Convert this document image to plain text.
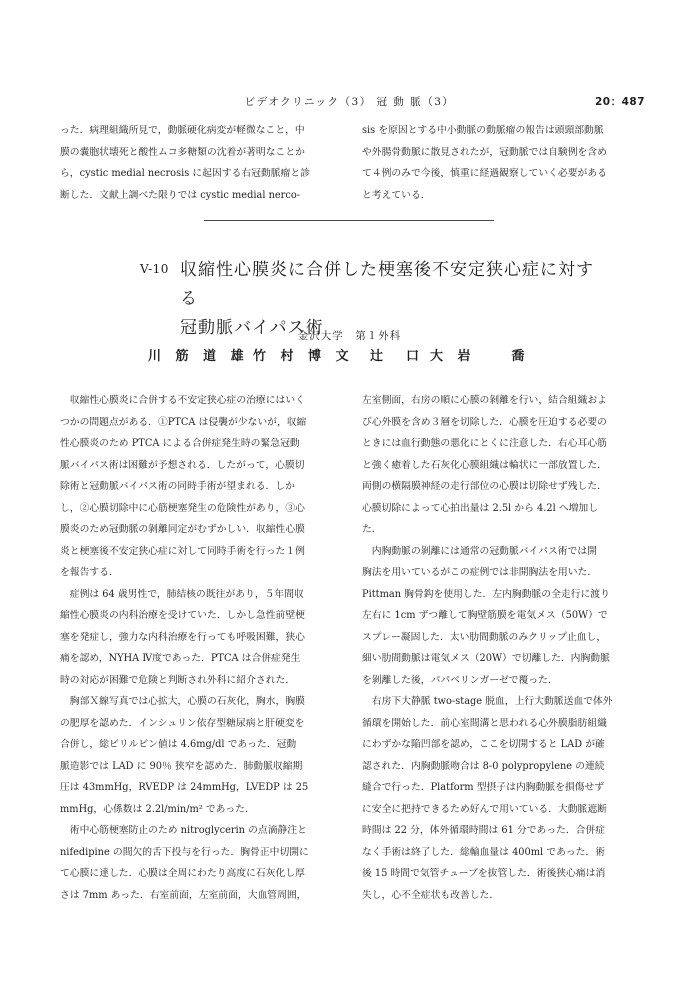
ビデオクリニック（3） 冠 動 脈（3）	20：487

った．病理組織所見で，動脈硬化病変が軽微なこと，中
膜の嚢胞状壊死と酸性ムコ多糖類の沈着が著明なことか
ら，cystic medial necrosis に起因する右冠動脈瘤と診
断した．文献上調べた限りでは cystic medial nerco-

sis を原因とする中小動脈の動脈瘤の報告は頭頸部動脈
や外腸骨動脈に散見されたが，冠動脈では自験例を含め
て４例のみで今後，慎重に経過観察していく必要がある
と考えている．

V-10 収縮性心膜炎に合併した梗塞後不安定狭心症に対する
冠動脈バイパス術
金沢大学　第１外科
川 筋 道 雄 竹 村 博 文 辻　口 大 岩　　喬

収縮性心膜炎に合併する不安定狭心症の治療にはいく
つかの問題点がある．①PTCA は侵襲が少ないが，収縮
性心膜炎のため PTCA による合併症発生時の緊急冠動
脈バイパス術は困難が予想される．したがって，心膜切
除術と冠動脈バイパス術の同時手術が望まれる．しか
し，②心膜切除中に心筋梗塞発生の危険性があり，③心
膜炎のため冠動脈の剝離同定がむずかしい．収縮性心膜
炎と梗塞後不安定狭心症に対して同時手術を行った１例
を報告する．

症例は 64 歳男性で，肺結核の既往があり，５年間収
縮性心膜炎の内科治療を受けていた．しかし急性前壁梗
塞を発症し，強力な内科治療を行っても呼吸困難，狭心
痛を認め，NYHA Ⅳ度であった．PTCA は合併症発生
時の対応が困難で危険と判断され外科に紹介された．

胸部Ｘ線写真では心拡大，心膜の石灰化，胸水，胸膜
の肥厚を認めた．インシュリン依存型糖尿病と肝硬変を
合併し，総ビリルビン値は 4.6mg/dl であった．冠動
脈造影では LAD に 90％ 狭窄を認めた．肺動脈収縮期
圧は 43mmHg，RVEDP は 24mmHg，LVEDP は 25
mmHg，心係数は 2.2l/min/m² であった．

術中心筋梗塞防止のため nitroglycerin の点滴静注と
nifedipine の間欠的舌下投与を行った．胸骨正中切開に
て心膜に達した．心膜は全周にわたり高度に石灰化し厚
さは 7mm あった．右室前面，左室前面，大血管周囲，

左室側面，右房の順に心膜の剝離を行い，結合組織およ
び心外膜を含め３層を切除した．心膜を圧迫する必要の
ときには血行動態の悪化にとくに注意した．右心耳心筋
と強く癒着した石灰化心膜組織は輪状に一部放置した．
両側の横隔膜神経の走行部位の心膜は切除せず残した．
心膜切除によって心拍出量は 2.5l から 4.2l へ増加し
た．

内胸動脈の剝離には通常の冠動脈バイパス術では開
胸法を用いているがこの症例では非開胸法を用いた．
Pittman 胸骨鈎を使用した．左内胸動脈の全走行に渡り
左右に 1cm ずつ離して胸壁筋膜を電気メス（50W）で
スプレー凝固した．太い肋間動脈のみクリップ止血し，
細い肋間動脈は電気メス（20W）で切離した．内胸動脈
を剝離した後，パパベリンガーゼで覆った．

右房下大静脈 two-stage 脱血，上行大動脈送血で体外
循環を開始した．前心室間溝と思われる心外膜脂肪組織
にわずかな陥凹部を認め，ここを切開すると LAD が確
認された．内胸動脈吻合は 8-0 polypropylene の連続
縫合で行った．Platform 型摂子は内胸動脈を損傷せず
に安全に把持できるため好んで用いている．大動脈遮断
時間は 22 分，体外循環時間は 61 分であった．合併症
なく手術は終了した．総輸血量は 400ml であった．術
後 15 時間で気管チューブを抜管した．術後狭心痛は消
失し，心不全症状も改善した．
